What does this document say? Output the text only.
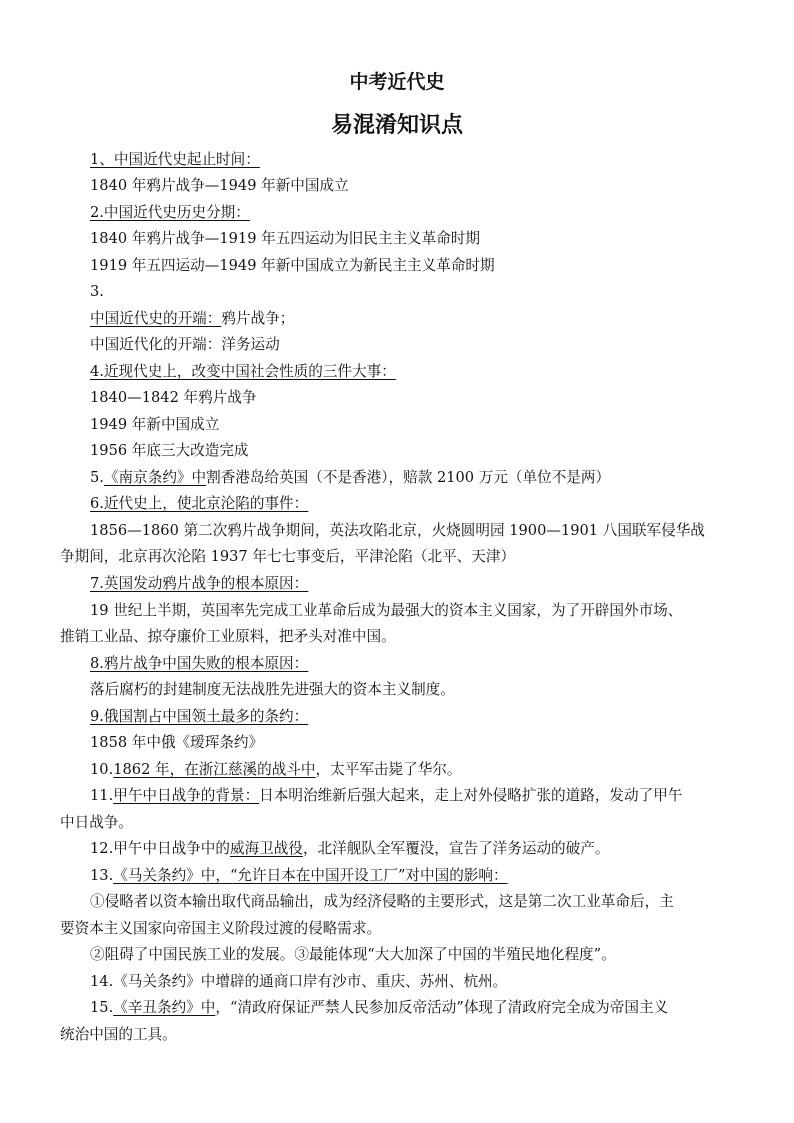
中考近代史
易混淆知识点
1、中国近代史起止时间：
1840 年鸦片战争—1949 年新中国成立
2.中国近代史历史分期：
1840 年鸦片战争—1919 年五四运动为旧民主主义革命时期
1919 年五四运动—1949 年新中国成立为新民主主义革命时期
3.
中国近代史的开端：鸦片战争；
中国近代化的开端：洋务运动
4.近现代史上，改变中国社会性质的三件大事：
1840—1842 年鸦片战争
1949 年新中国成立
1956 年底三大改造完成
5.《南京条约》中割香港岛给英国（不是香港），赔款 2100 万元（单位不是两）
6.近代史上，使北京沦陷的事件：
1856—1860 第二次鸦片战争期间，英法攻陷北京，火烧圆明园 1900—1901 八国联军侵华战
争期间，北京再次沦陷 1937 年七七事变后，平津沦陷（北平、天津）
7.英国发动鸦片战争的根本原因：
19 世纪上半期，英国率先完成工业革命后成为最强大的资本主义国家，为了开辟国外市场、
推销工业品、掠夺廉价工业原料，把矛头对准中国。
8.鸦片战争中国失败的根本原因：
落后腐朽的封建制度无法战胜先进强大的资本主义制度。
9.俄国割占中国领土最多的条约：
1858 年中俄《瑷珲条约》
10.1862 年，在浙江慈溪的战斗中，太平军击毙了华尔。
11.甲午中日战争的背景：日本明治维新后强大起来，走上对外侵略扩张的道路，发动了甲午
中日战争。
12.甲午中日战争中的威海卫战役，北洋舰队全军覆没，宣告了洋务运动的破产。
13.《马关条约》中，“允许日本在中国开设工厂”对中国的影响：
①侵略者以资本输出取代商品输出，成为经济侵略的主要形式，这是第二次工业革命后，主
要资本主义国家向帝国主义阶段过渡的侵略需求。
②阻碍了中国民族工业的发展。③最能体现“大大加深了中国的半殖民地化程度”。
14.《马关条约》中增辟的通商口岸有沙市、重庆、苏州、杭州。
15.《辛丑条约》中，“清政府保证严禁人民参加反帝活动”体现了清政府完全成为帝国主义
统治中国的工具。
